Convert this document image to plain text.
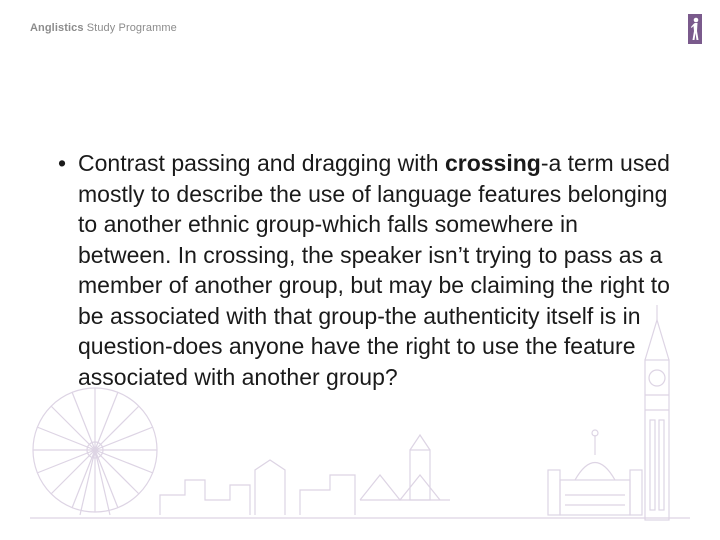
Anglistics Study Programme
• Contrast passing and dragging with crossing-a term used mostly to describe the use of language features belonging to another ethnic group-which falls somewhere in between. In crossing, the speaker isn’t trying to pass as a member of another group, but may be claiming the right to be associated with that group-the authenticity itself is in question-does anyone have the right to use the feature associated with another group?
